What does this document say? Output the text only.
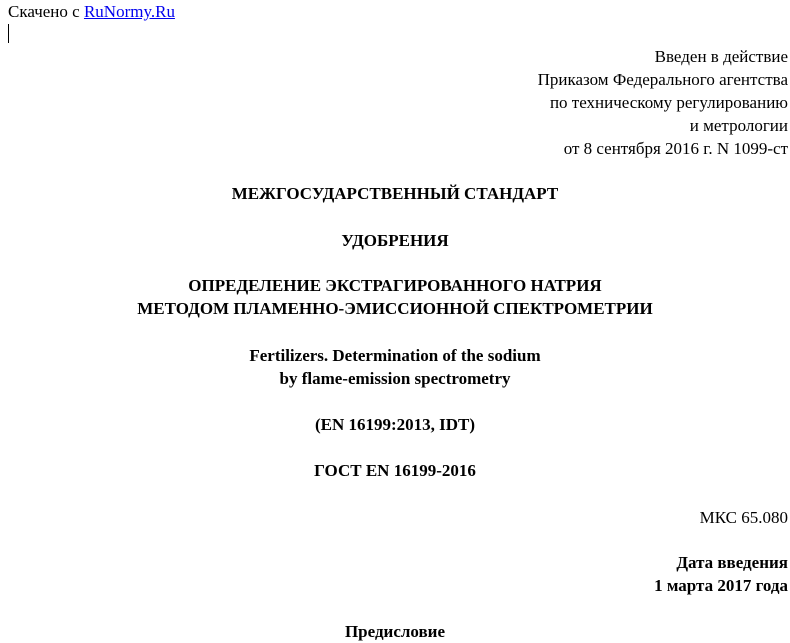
Скачено с RuNormy.Ru
Введен в действие
Приказом Федерального агентства
по техническому регулированию
и метрологии
от 8 сентября 2016 г. N 1099-ст
МЕЖГОСУДАРСТВЕННЫЙ СТАНДАРТ
УДОБРЕНИЯ
ОПРЕДЕЛЕНИЕ ЭКСТРАГИРОВАННОГО НАТРИЯ
МЕТОДОМ ПЛАМЕННО-ЭМИССИОННОЙ СПЕКТРОМЕТРИИ
Fertilizers. Determination of the sodium
by flame-emission spectrometry
(EN 16199:2013, IDT)
ГОСТ EN 16199-2016
МКС 65.080
Дата введения
1 марта 2017 года
Предисловие
